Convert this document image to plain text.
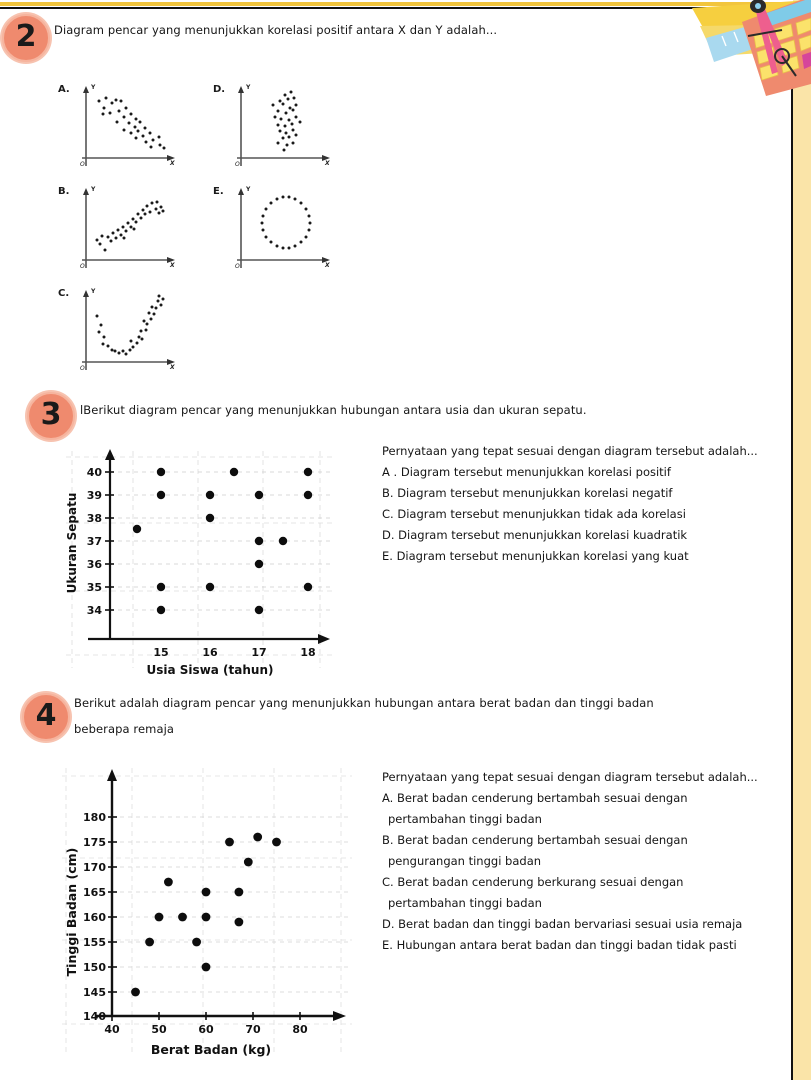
2	Diagram pencar yang menunjukkan korelasi positif antara X dan Y adalah...
A.	Y
X
O
D.	Y
X
O
B.	Y
X
O
E.	Y
X
O
C.	Y
X
O
3	lBerikut diagram pencar yang menunjukkan hubungan antara usia dan ukuran sepatu.
40
39
38
37
36
35
34
15	16	17	18
Usia Siswa (tahun)
Ukuran Sepatu
Pernyataan yang tepat sesuai dengan diagram tersebut adalah...
A . Diagram tersebut menunjukkan korelasi positif
B. Diagram tersebut menunjukkan korelasi negatif
C. Diagram tersebut menunjukkan tidak ada korelasi
D. Diagram tersebut menunjukkan korelasi kuadratik
E. Diagram tersebut menunjukkan korelasi yang kuat
4	Berikut adalah diagram pencar yang menunjukkan hubungan antara berat badan dan tinggi badan
beberapa remaja
180
175
170
165
160
155
150
145
140
40	50	60	70	80
Berat Badan (kg)
Tinggi Badan (cm)
Pernyataan yang tepat sesuai dengan diagram tersebut adalah...
A. Berat badan cenderung bertambah sesuai dengan
pertambahan tinggi badan
B. Berat badan cenderung bertambah sesuai dengan
pengurangan tinggi badan
C. Berat badan cenderung berkurang sesuai dengan
pertambahan tinggi badan
D. Berat badan dan tinggi badan bervariasi sesuai usia remaja
E. Hubungan antara berat badan dan tinggi badan tidak pasti
